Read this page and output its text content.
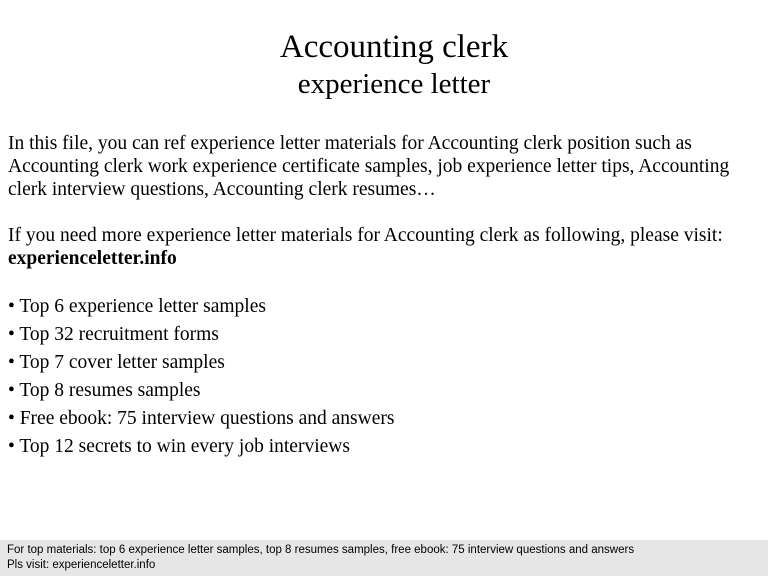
Accounting clerk
experience letter

In this file, you can ref experience letter materials for Accounting clerk position such as Accounting clerk work experience certificate samples, job experience letter tips, Accounting clerk interview questions, Accounting clerk resumes…

If you need more experience letter materials for Accounting clerk as following, please visit:  experienceletter.info

• Top 6 experience letter samples
• Top 32 recruitment forms
• Top 7 cover letter samples
• Top 8 resumes samples
• Free ebook: 75 interview questions and answers
• Top 12 secrets to win every job interviews
For top materials: top 6 experience letter samples, top 8 resumes samples, free ebook: 75 interview questions and answers
Pls visit: experienceletter.info
